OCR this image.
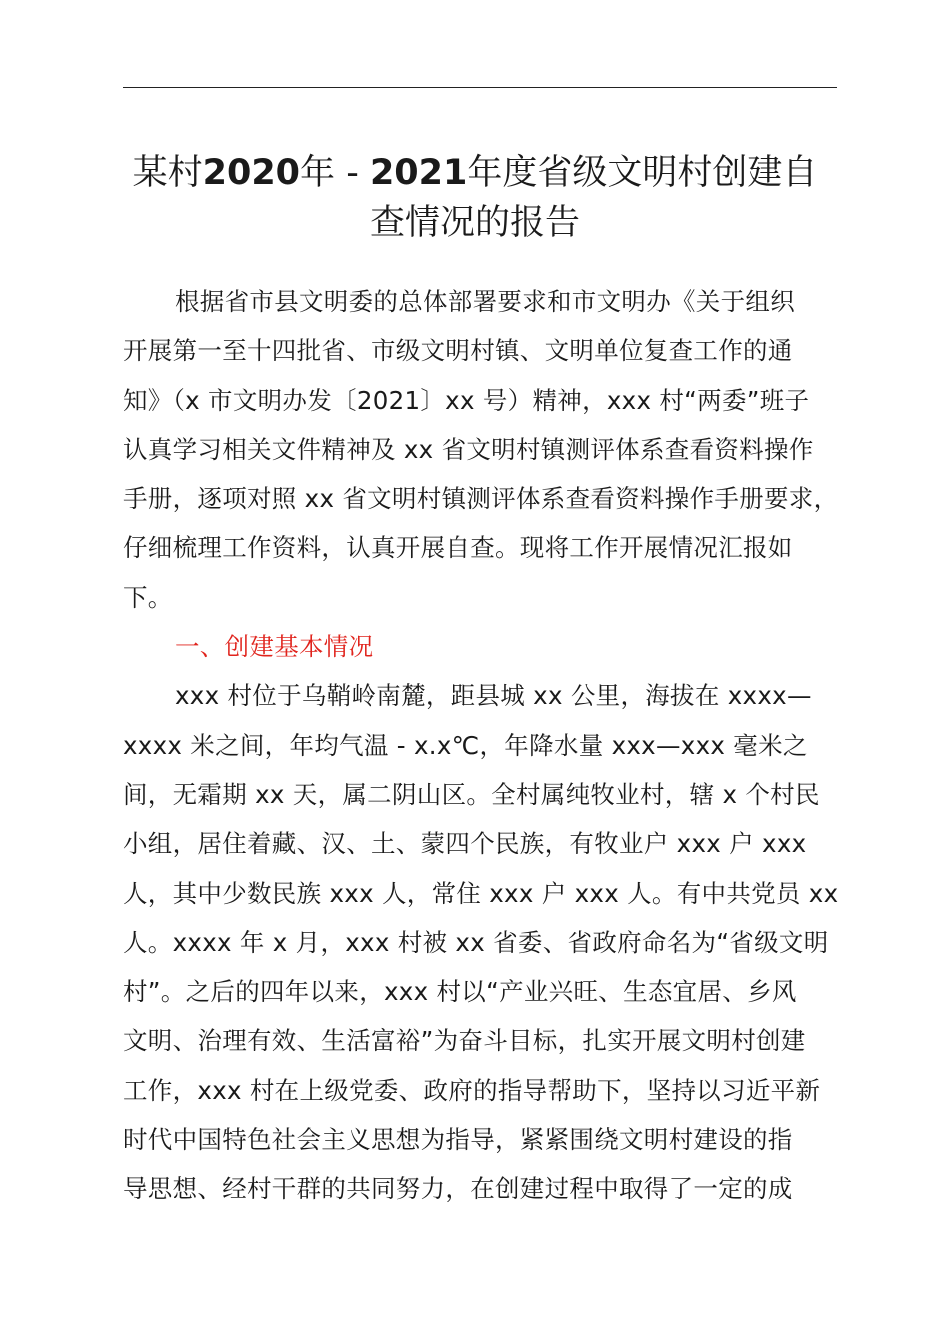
某村2020年 - 2021年度省级文明村创建自
查情况的报告
根据省市县文明委的总体部署要求和市文明办《关于组织
开展第一至十四批省、市级文明村镇、文明单位复查工作的通
知》（x 市文明办发〔2021〕xx 号）精神，xxx 村“两委”班子
认真学习相关文件精神及 xx 省文明村镇测评体系查看资料操作
手册，逐项对照 xx 省文明村镇测评体系查看资料操作手册要求，
仔细梳理工作资料，认真开展自查。现将工作开展情况汇报如
下。
一、创建基本情况
xxx 村位于乌鞘岭南麓，距县城 xx 公里，海拔在 xxxx—
xxxx 米之间，年均气温 - x.x℃，年降水量 xxx—xxx 毫米之
间，无霜期 xx 天，属二阴山区。全村属纯牧业村，辖 x 个村民
小组，居住着藏、汉、土、蒙四个民族，有牧业户 xxx 户 xxx
人，其中少数民族 xxx 人，常住 xxx 户 xxx 人。有中共党员 xx
人。xxxx 年 x 月，xxx 村被 xx 省委、省政府命名为“省级文明
村”。之后的四年以来，xxx 村以“产业兴旺、生态宜居、乡风
文明、治理有效、生活富裕”为奋斗目标，扎实开展文明村创建
工作，xxx 村在上级党委、政府的指导帮助下，坚持以习近平新
时代中国特色社会主义思想为指导，紧紧围绕文明村建设的指
导思想、经村干群的共同努力，在创建过程中取得了一定的成
